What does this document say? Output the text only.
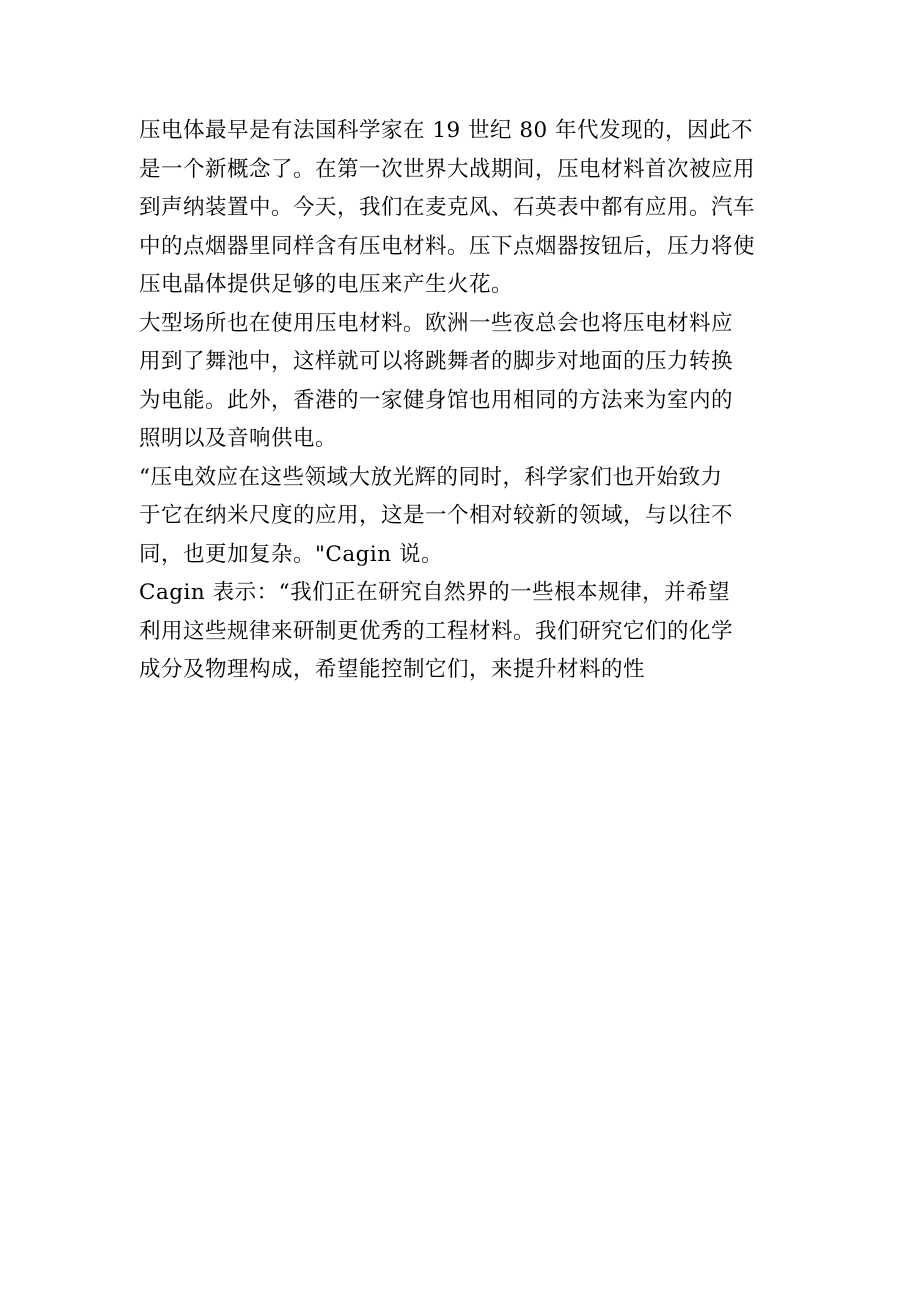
压电体最早是有法国科学家在 19 世纪 80 年代发现的，因此不
是一个新概念了。在第一次世界大战期间，压电材料首次被应用
到声纳装置中。今天，我们在麦克风、石英表中都有应用。汽车
中的点烟器里同样含有压电材料。压下点烟器按钮后，压力将使
压电晶体提供足够的电压来产生火花。
大型场所也在使用压电材料。欧洲一些夜总会也将压电材料应
用到了舞池中，这样就可以将跳舞者的脚步对地面的压力转换
为电能。此外，香港的一家健身馆也用相同的方法来为室内的
照明以及音响供电。
“压电效应在这些领域大放光辉的同时，科学家们也开始致力
于它在纳米尺度的应用，这是一个相对较新的领域，与以往不
同，也更加复杂。"Cagin 说。
Cagin 表示：“我们正在研究自然界的一些根本规律，并希望
利用这些规律来研制更优秀的工程材料。我们研究它们的化学
成分及物理构成，希望能控制它们，来提升材料的性
